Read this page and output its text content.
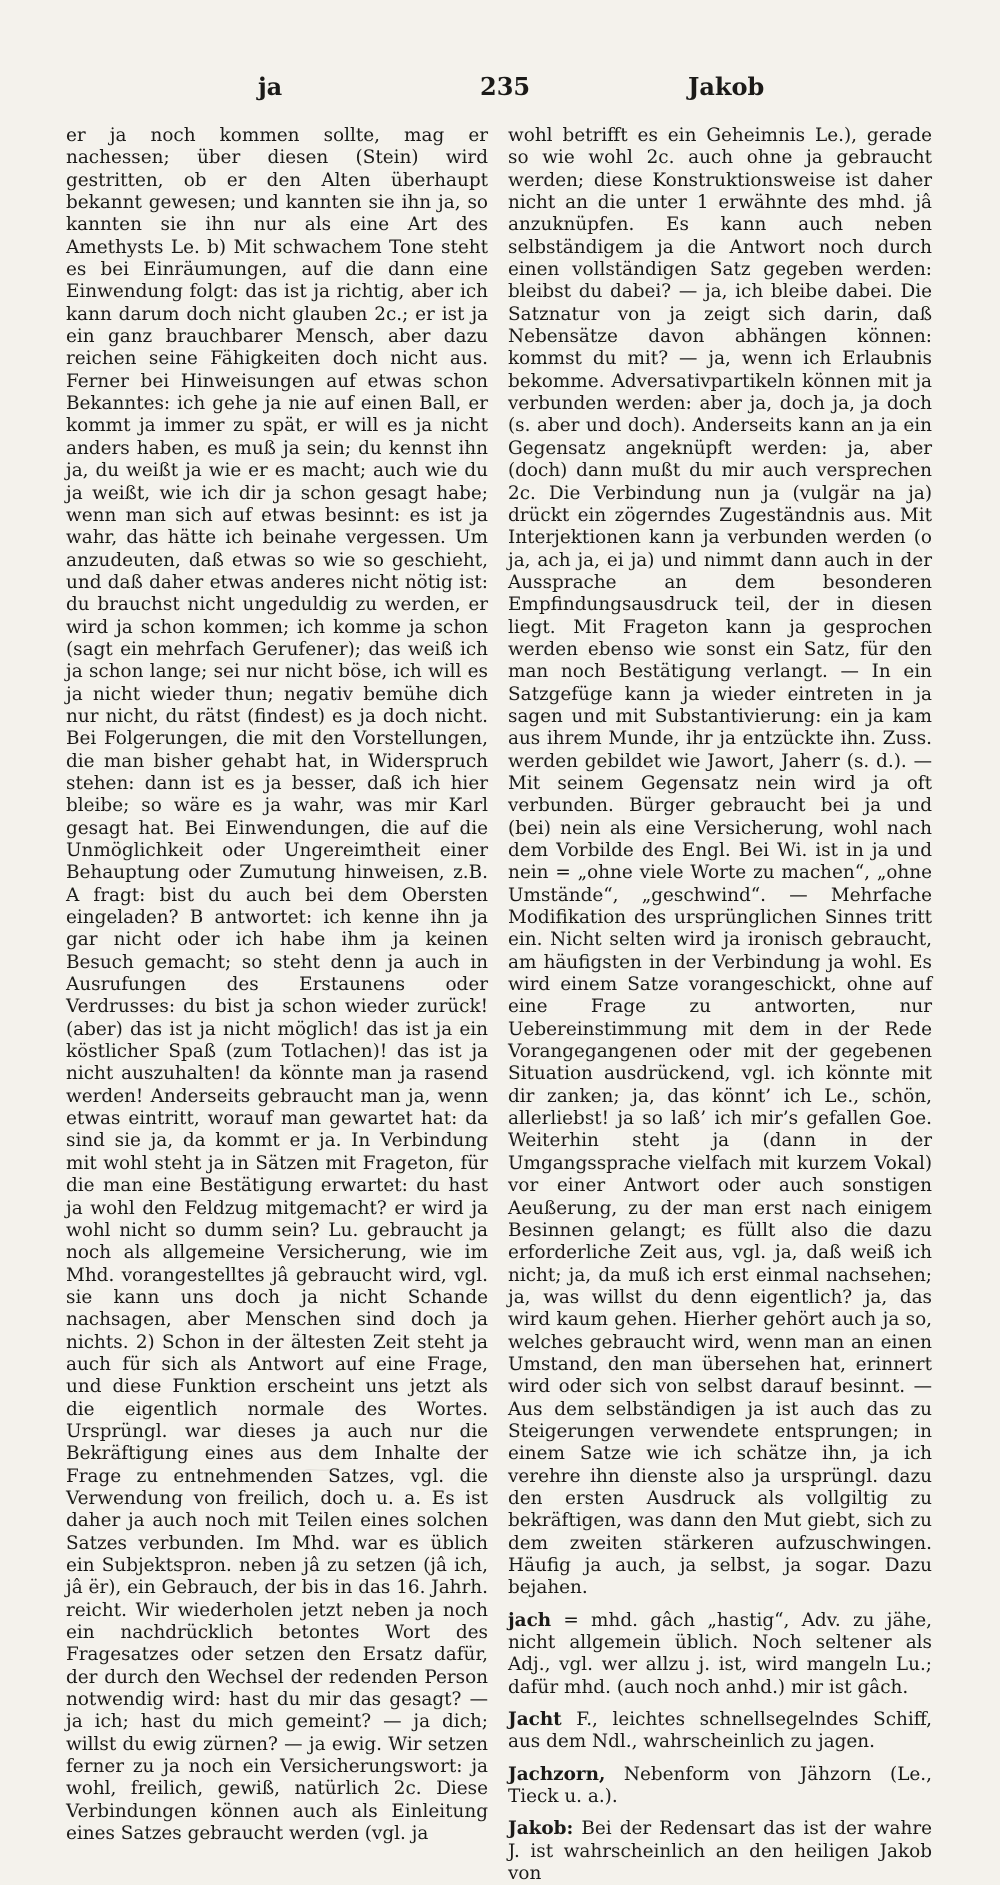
ja	235	Jakob

er ja noch kommen sollte, mag er nachessen; über diesen (Stein) wird gestritten, ob er den Alten überhaupt bekannt gewesen; und kannten sie ihn ja, so kannten sie ihn nur als eine Art des Amethysts Le. b) Mit schwachem Tone steht es bei Einräumungen, auf die dann eine Einwendung folgt: das ist ja richtig, aber ich kann darum doch nicht glauben 2c.; er ist ja ein ganz brauchbarer Mensch, aber dazu reichen seine Fähigkeiten doch nicht aus. Ferner bei Hinweisungen auf etwas schon Bekanntes: ich gehe ja nie auf einen Ball, er kommt ja immer zu spät, er will es ja nicht anders haben, es muß ja sein; du kennst ihn ja, du weißt ja wie er es macht; auch wie du ja weißt, wie ich dir ja schon gesagt habe; wenn man sich auf etwas besinnt: es ist ja wahr, das hätte ich beinahe vergessen. Um anzudeuten, daß etwas so wie so geschieht, und daß daher etwas anderes nicht nötig ist: du brauchst nicht ungeduldig zu werden, er wird ja schon kommen; ich komme ja schon (sagt ein mehrfach Gerufener); das weiß ich ja schon lange; sei nur nicht böse, ich will es ja nicht wieder thun; negativ bemühe dich nur nicht, du rätst (findest) es ja doch nicht. Bei Folgerungen, die mit den Vorstellungen, die man bisher gehabt hat, in Widerspruch stehen: dann ist es ja besser, daß ich hier bleibe; so wäre es ja wahr, was mir Karl gesagt hat. Bei Einwendungen, die auf die Unmöglichkeit oder Ungereimtheit einer Behauptung oder Zumutung hinweisen, z.B. A fragt: bist du auch bei dem Obersten eingeladen? B antwortet: ich kenne ihn ja gar nicht oder ich habe ihm ja keinen Besuch gemacht; so steht denn ja auch in Ausrufungen des Erstaunens oder Verdrusses: du bist ja schon wieder zurück! (aber) das ist ja nicht möglich! das ist ja ein köstlicher Spaß (zum Totlachen)! das ist ja nicht auszuhalten! da könnte man ja rasend werden! Anderseits gebraucht man ja, wenn etwas eintritt, worauf man gewartet hat: da sind sie ja, da kommt er ja. In Verbindung mit wohl steht ja in Sätzen mit Frageton, für die man eine Bestätigung erwartet: du hast ja wohl den Feldzug mitgemacht? er wird ja wohl nicht so dumm sein? Lu. gebraucht ja noch als allgemeine Versicherung, wie im Mhd. vorangestelltes jâ gebraucht wird, vgl. sie kann uns doch ja nicht Schande nachsagen, aber Menschen sind doch ja nichts. 2) Schon in der ältesten Zeit steht ja auch für sich als Antwort auf eine Frage, und diese Funktion erscheint uns jetzt als die eigentlich normale des Wortes. Ursprüngl. war dieses ja auch nur die Bekräftigung eines aus dem Inhalte der Frage zu entnehmenden Satzes, vgl. die Verwendung von freilich, doch u. a. Es ist daher ja auch noch mit Teilen eines solchen Satzes verbunden. Im Mhd. war es üblich ein Subjektspron. neben jâ zu setzen (jâ ich, jâ ër), ein Gebrauch, der bis in das 16. Jahrh. reicht. Wir wiederholen jetzt neben ja noch ein nachdrücklich betontes Wort des Fragesatzes oder setzen den Ersatz dafür, der durch den Wechsel der redenden Person notwendig wird: hast du mir das gesagt? — ja ich; hast du mich gemeint? — ja dich; willst du ewig zürnen? — ja ewig. Wir setzen ferner zu ja noch ein Versicherungswort: ja wohl, freilich, gewiß, natürlich 2c. Diese Verbindungen können auch als Einleitung eines Satzes gebraucht werden (vgl. ja

wohl betrifft es ein Geheimnis Le.), gerade so wie wohl 2c. auch ohne ja gebraucht werden; diese Konstruktionsweise ist daher nicht an die unter 1 erwähnte des mhd. jâ anzuknüpfen. Es kann auch neben selbständigem ja die Antwort noch durch einen vollständigen Satz gegeben werden: bleibst du dabei? — ja, ich bleibe dabei. Die Satznatur von ja zeigt sich darin, daß Nebensätze davon abhängen können: kommst du mit? — ja, wenn ich Erlaubnis bekomme. Adversativpartikeln können mit ja verbunden werden: aber ja, doch ja, ja doch (s. aber und doch). Anderseits kann an ja ein Gegensatz angeknüpft werden: ja, aber (doch) dann mußt du mir auch versprechen 2c. Die Verbindung nun ja (vulgär na ja) drückt ein zögerndes Zugeständnis aus. Mit Interjektionen kann ja verbunden werden (o ja, ach ja, ei ja) und nimmt dann auch in der Aussprache an dem besonderen Empfindungsausdruck teil, der in diesen liegt. Mit Frageton kann ja gesprochen werden ebenso wie sonst ein Satz, für den man noch Bestätigung verlangt. — In ein Satzgefüge kann ja wieder eintreten in ja sagen und mit Substantivierung: ein ja kam aus ihrem Munde, ihr ja entzückte ihn. Zuss. werden gebildet wie Jawort, Jaherr (s. d.). — Mit seinem Gegensatz nein wird ja oft verbunden. Bürger gebraucht bei ja und (bei) nein als eine Versicherung, wohl nach dem Vorbilde des Engl. Bei Wi. ist in ja und nein = „ohne viele Worte zu machen“, „ohne Umstände“, „geschwind“. — Mehrfache Modifikation des ursprünglichen Sinnes tritt ein. Nicht selten wird ja ironisch gebraucht, am häufigsten in der Verbindung ja wohl. Es wird einem Satze vorangeschickt, ohne auf eine Frage zu antworten, nur Uebereinstimmung mit dem in der Rede Vorangegangenen oder mit der gegebenen Situation ausdrückend, vgl. ich könnte mit dir zanken; ja, das könnt’ ich Le., schön, allerliebst! ja so laß’ ich mir’s gefallen Goe. Weiterhin steht ja (dann in der Umgangssprache vielfach mit kurzem Vokal) vor einer Antwort oder auch sonstigen Aeußerung, zu der man erst nach einigem Besinnen gelangt; es füllt also die dazu erforderliche Zeit aus, vgl. ja, daß weiß ich nicht; ja, da muß ich erst einmal nachsehen; ja, was willst du denn eigentlich? ja, das wird kaum gehen. Hierher gehört auch ja so, welches gebraucht wird, wenn man an einen Umstand, den man übersehen hat, erinnert wird oder sich von selbst darauf besinnt. — Aus dem selbständigen ja ist auch das zu Steigerungen verwendete entsprungen; in einem Satze wie ich schätze ihn, ja ich verehre ihn dienste also ja ursprüngl. dazu den ersten Ausdruck als vollgiltig zu bekräftigen, was dann den Mut giebt, sich zu dem zweiten stärkeren aufzuschwingen. Häufig ja auch, ja selbst, ja sogar. Dazu bejahen.

jach = mhd. gâch „hastig“, Adv. zu jähe, nicht allgemein üblich. Noch seltener als Adj., vgl. wer allzu j. ist, wird mangeln Lu.; dafür mhd. (auch noch anhd.) mir ist gâch.

Jacht F., leichtes schnellsegelndes Schiff, aus dem Ndl., wahrscheinlich zu jagen.

Jachzorn, Nebenform von Jähzorn (Le., Tieck u. a.).

Jakob: Bei der Redensart das ist der wahre J. ist wahrscheinlich an den heiligen Jakob von
